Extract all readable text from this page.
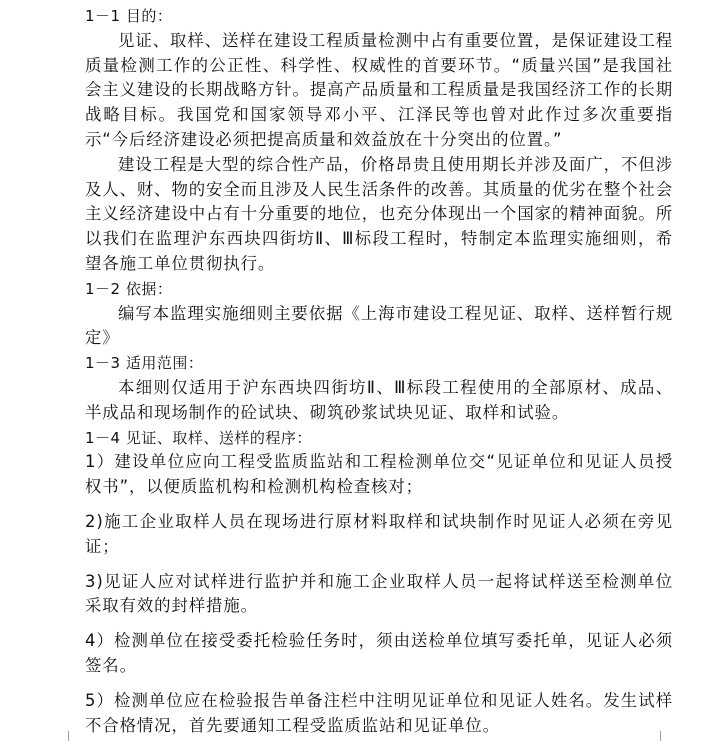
1－1 目的：

见证、取样、送样在建设工程质量检测中占有重要位置，是保证建设工程质量检测工作的公正性、科学性、权威性的首要环节。“质量兴国”是我国社会主义建设的长期战略方针。提高产品质量和工程质量是我国经济工作的长期战略目标。我国党和国家领导邓小平、江泽民等也曾对此作过多次重要指示“今后经济建设必须把提高质量和效益放在十分突出的位置。”

建设工程是大型的综合性产品，价格昂贵且使用期长并涉及面广，不但涉及人、财、物的安全而且涉及人民生活条件的改善。其质量的优劣在整个社会主义经济建设中占有十分重要的地位，也充分体现出一个国家的精神面貌。所以我们在监理沪东西块四街坊Ⅱ、Ⅲ标段工程时，特制定本监理实施细则，希望各施工单位贯彻执行。

1－2 依据：

编写本监理实施细则主要依据《上海市建设工程见证、取样、送样暂行规定》

1－3 适用范围：

本细则仅适用于沪东西块四街坊Ⅱ、Ⅲ标段工程使用的全部原材、成品、半成品和现场制作的砼试块、砌筑砂浆试块见证、取样和试验。

1－4 见证、取样、送样的程序：

1）建设单位应向工程受监质监站和工程检测单位交“见证单位和见证人员授权书”，以便质监机构和检测机构检查核对；

2)施工企业取样人员在现场进行原材料取样和试块制作时见证人必须在旁见证；

3)见证人应对试样进行监护并和施工企业取样人员一起将试样送至检测单位采取有效的封样措施。

4）检测单位在接受委托检验任务时，须由送检单位填写委托单，见证人必须签名。

5）检测单位应在检验报告单备注栏中注明见证单位和见证人姓名。发生试样不合格情况，首先要通知工程受监质监站和见证单位。
